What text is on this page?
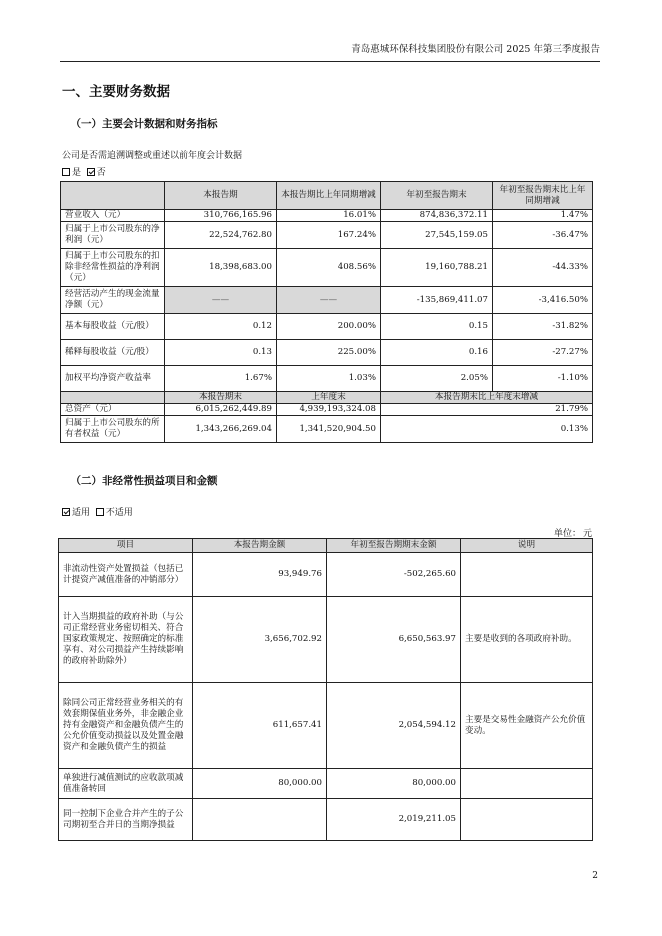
青岛惠城环保科技集团股份有限公司 2025 年第三季度报告
一、主要财务数据
（一）主要会计数据和财务指标
公司是否需追溯调整或重述以前年度会计数据
是 否
	本报告期	本报告期比上年同期增减	年初至报告期末	年初至报告期末比上年同期增减
营业收入（元）	310,766,165.96	16.01%	874,836,372.11	1.47%
归属于上市公司股东的净利润（元）	22,524,762.80	167.24%	27,545,159.05	-36.47%
归属于上市公司股东的扣除非经常性损益的净利润（元）	18,398,683.00	408.56%	19,160,788.21	-44.33%
经营活动产生的现金流量净额（元）	——	——	-135,869,411.07	-3,416.50%
基本每股收益（元/股）	0.12	200.00%	0.15	-31.82%
稀释每股收益（元/股）	0.13	225.00%	0.16	-27.27%
加权平均净资产收益率	1.67%	1.03%	2.05%	-1.10%
	本报告期末	上年度末	本报告期末比上年度末增减	
总资产（元）	6,015,262,449.89	4,939,193,324.08	21.79%	
归属于上市公司股东的所有者权益（元）	1,343,266,269.04	1,341,520,904.50	0.13%	
（二）非经常性损益项目和金额
适用 不适用
单位： 元
项目	本报告期金额	年初至报告期期末金额	说明
非流动性资产处置损益（包括已计提资产减值准备的冲销部分）	93,949.76	-502,265.60	
计入当期损益的政府补助（与公司正常经营业务密切相关、符合国家政策规定、按照确定的标准享有、对公司损益产生持续影响的政府补助除外）	3,656,702.92	6,650,563.97	主要是收到的各项政府补助。
除同公司正常经营业务相关的有效套期保值业务外，非金融企业持有金融资产和金融负债产生的公允价值变动损益以及处置金融资产和金融负债产生的损益	611,657.41	2,054,594.12	主要是交易性金融资产公允价值变动。
单独进行减值测试的应收款项减值准备转回	80,000.00	80,000.00	
同一控制下企业合并产生的子公司期初至合并日的当期净损益		2,019,211.05	
2
